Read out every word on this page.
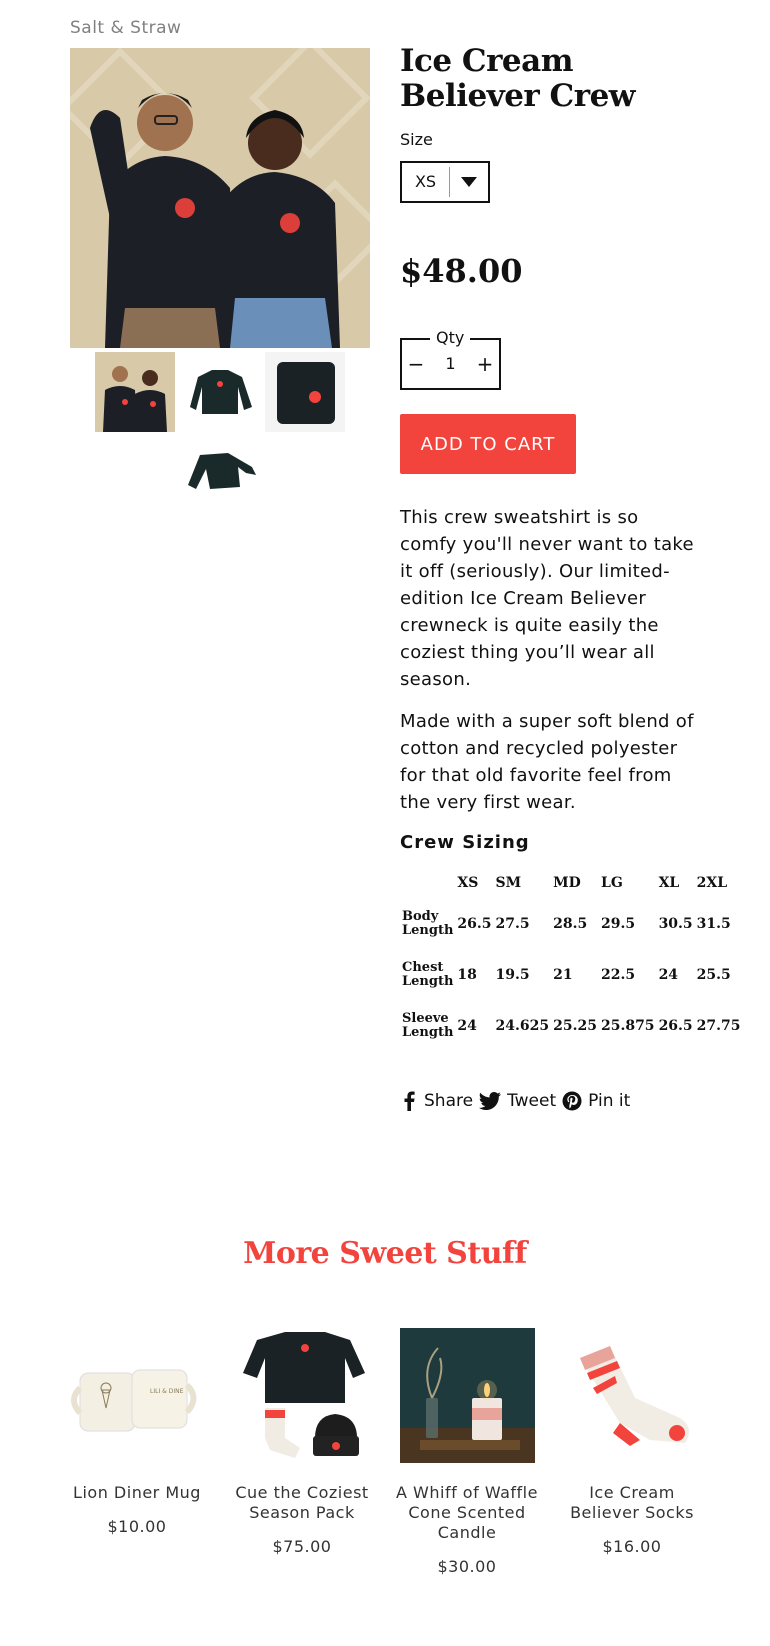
Salt & Straw
Ice Cream Believer Crew
Size
XS
$48.00
Qty
−	1	+
ADD TO CART

This crew sweatshirt is so comfy you'll never want to take it off (seriously). Our limited-edition Ice Cream Believer crewneck is quite easily the coziest thing you’ll wear all season.

Made with a super soft blend of cotton and recycled polyester for that old favorite feel from the very first wear.

Crew Sizing
	XS	SM	MD	LG	XL	2XL
Body Length	26.5	27.5	28.5	29.5	30.5	31.5
Chest Length	18	19.5	21	22.5	24	25.5
Sleeve Length	24	24.625	25.25	25.875	26.5	27.75
Share Tweet Pin it
More Sweet Stuff
LILI & DINE
Lion Diner Mug
$10.00
Cue the Coziest Season Pack
$75.00
A Whiff of Waffle Cone Scented Candle
$30.00
Ice Cream Believer Socks
$16.00
